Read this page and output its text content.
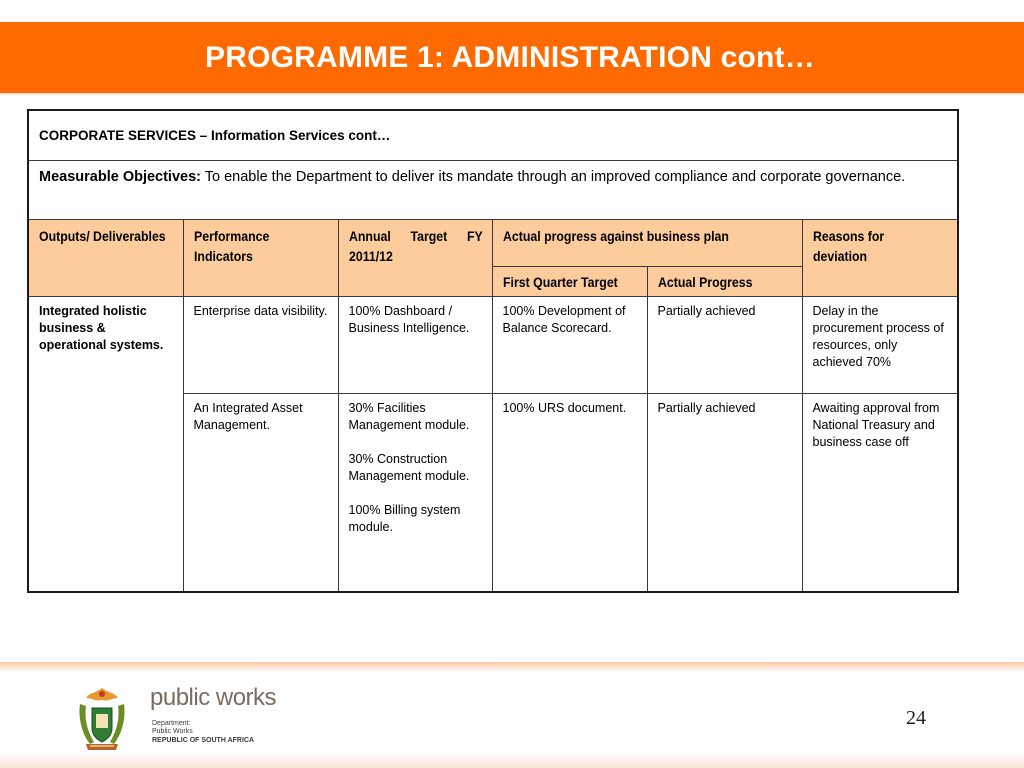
PROGRAMME 1: ADMINISTRATION cont…
CORPORATE SERVICES – Information Services cont…					
Measurable Objectives: To enable the Department to deliver its mandate through an improved compliance and corporate governance.					
Outputs/ Deliverables	Performance Indicators	Annual Target FY 2011/12	Actual progress against business plan		Reasons for deviation
			First Quarter Target	Actual Progress	
Integrated holistic business & operational systems.	Enterprise data visibility.	100% Dashboard / Business Intelligence.	100% Development of Balance Scorecard.	Partially achieved	Delay in the procurement process of resources, only achieved 70%
	An Integrated Asset Management.	30% Facilities Management module.
30% Construction Management module.
100% Billing system module.	100% URS document.	Partially achieved	Awaiting approval from National Treasury and business case off
public works
Department:
Public Works
REPUBLIC OF SOUTH AFRICA
24
